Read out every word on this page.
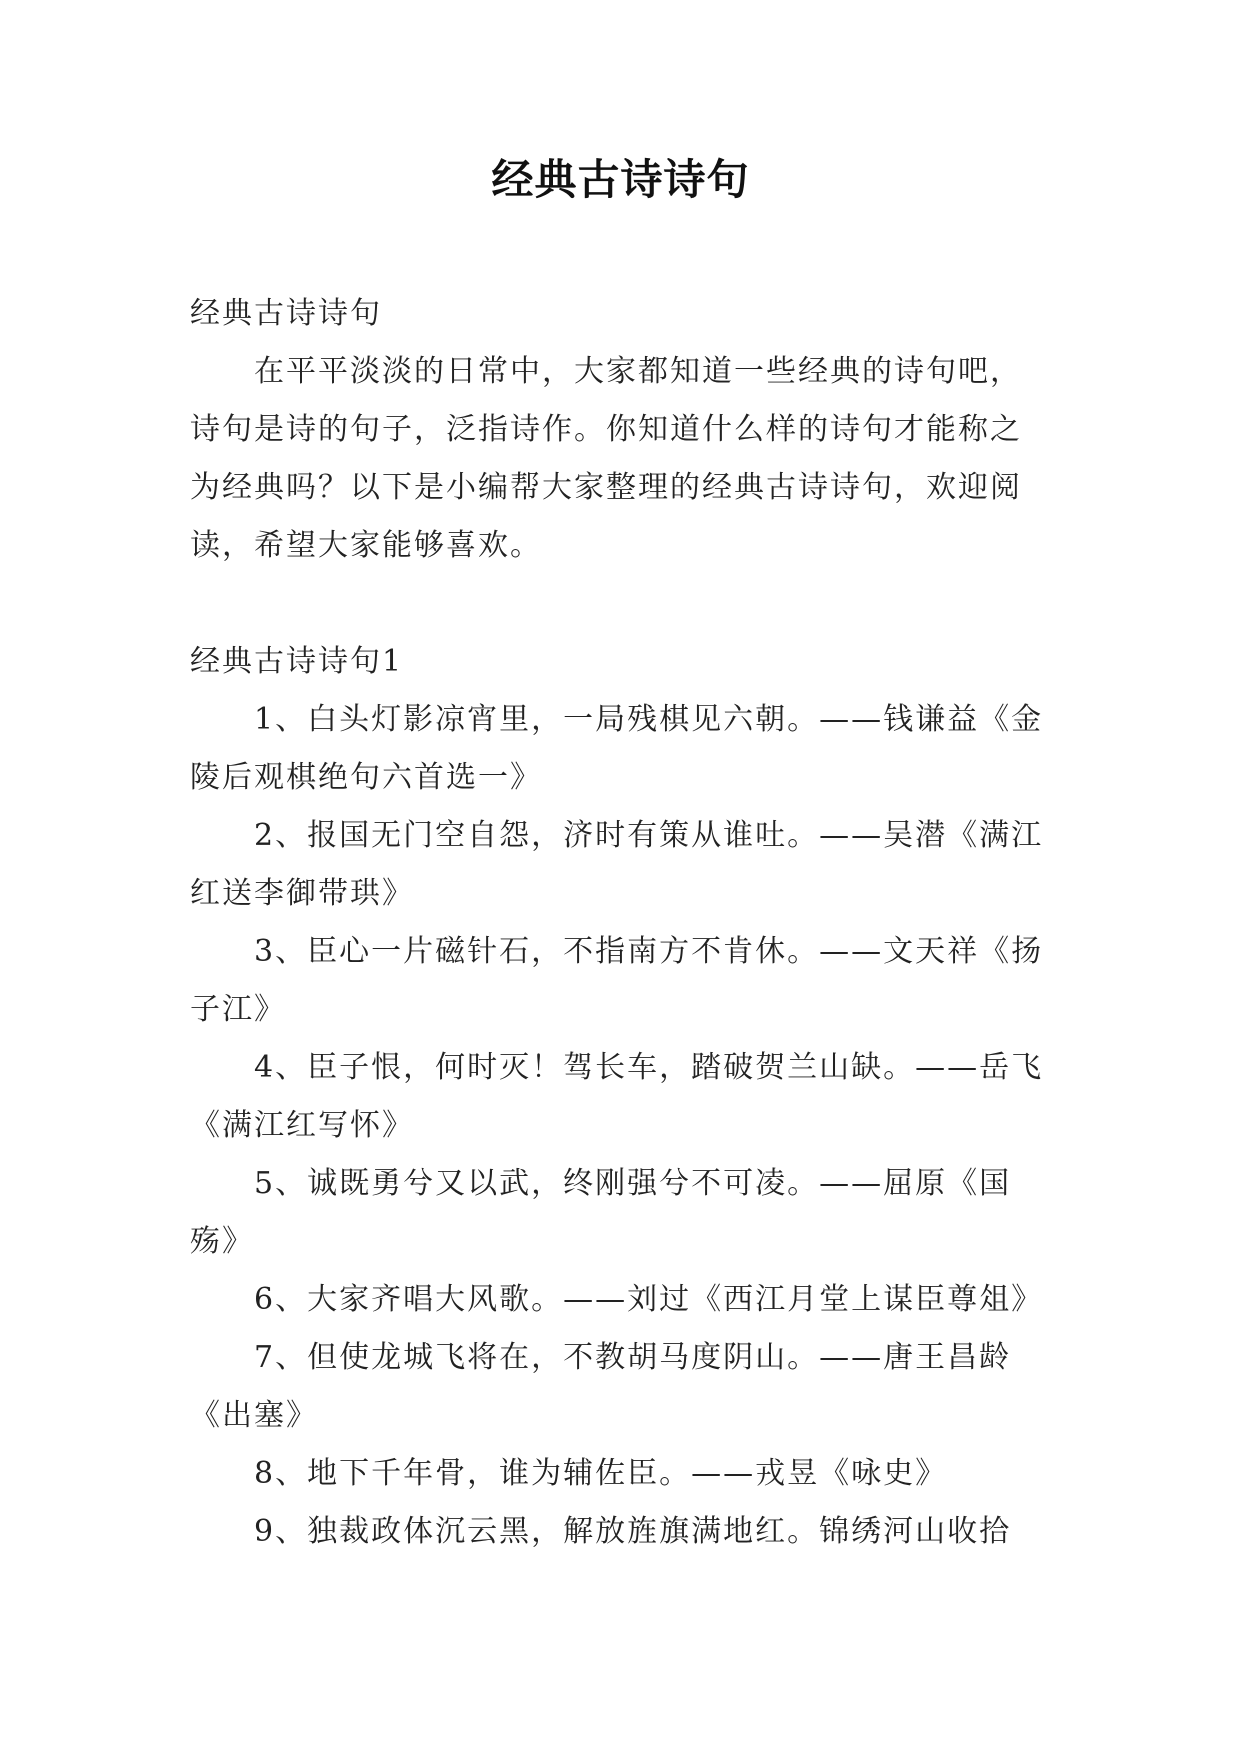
经典古诗诗句

经典古诗诗句

在平平淡淡的日常中，大家都知道一些经典的诗句吧，诗句是诗的句子，泛指诗作。你知道什么样的诗句才能称之为经典吗？以下是小编帮大家整理的经典古诗诗句，欢迎阅读，希望大家能够喜欢。

经典古诗诗句1

1、白头灯影凉宵里，一局残棋见六朝。——钱谦益《金陵后观棋绝句六首选一》

2、报国无门空自怨，济时有策从谁吐。——吴潜《满江红送李御带珙》

3、臣心一片磁针石，不指南方不肯休。——文天祥《扬子江》

4、臣子恨，何时灭！驾长车，踏破贺兰山缺。——岳飞《满江红写怀》

5、诚既勇兮又以武，终刚强兮不可凌。——屈原《国殇》

6、大家齐唱大风歌。——刘过《西江月堂上谋臣尊俎》

7、但使龙城飞将在，不教胡马度阴山。——唐王昌龄《出塞》

8、地下千年骨，谁为辅佐臣。——戎昱《咏史》

9、独裁政体沉云黑，解放旌旗满地红。锦绣河山收拾
